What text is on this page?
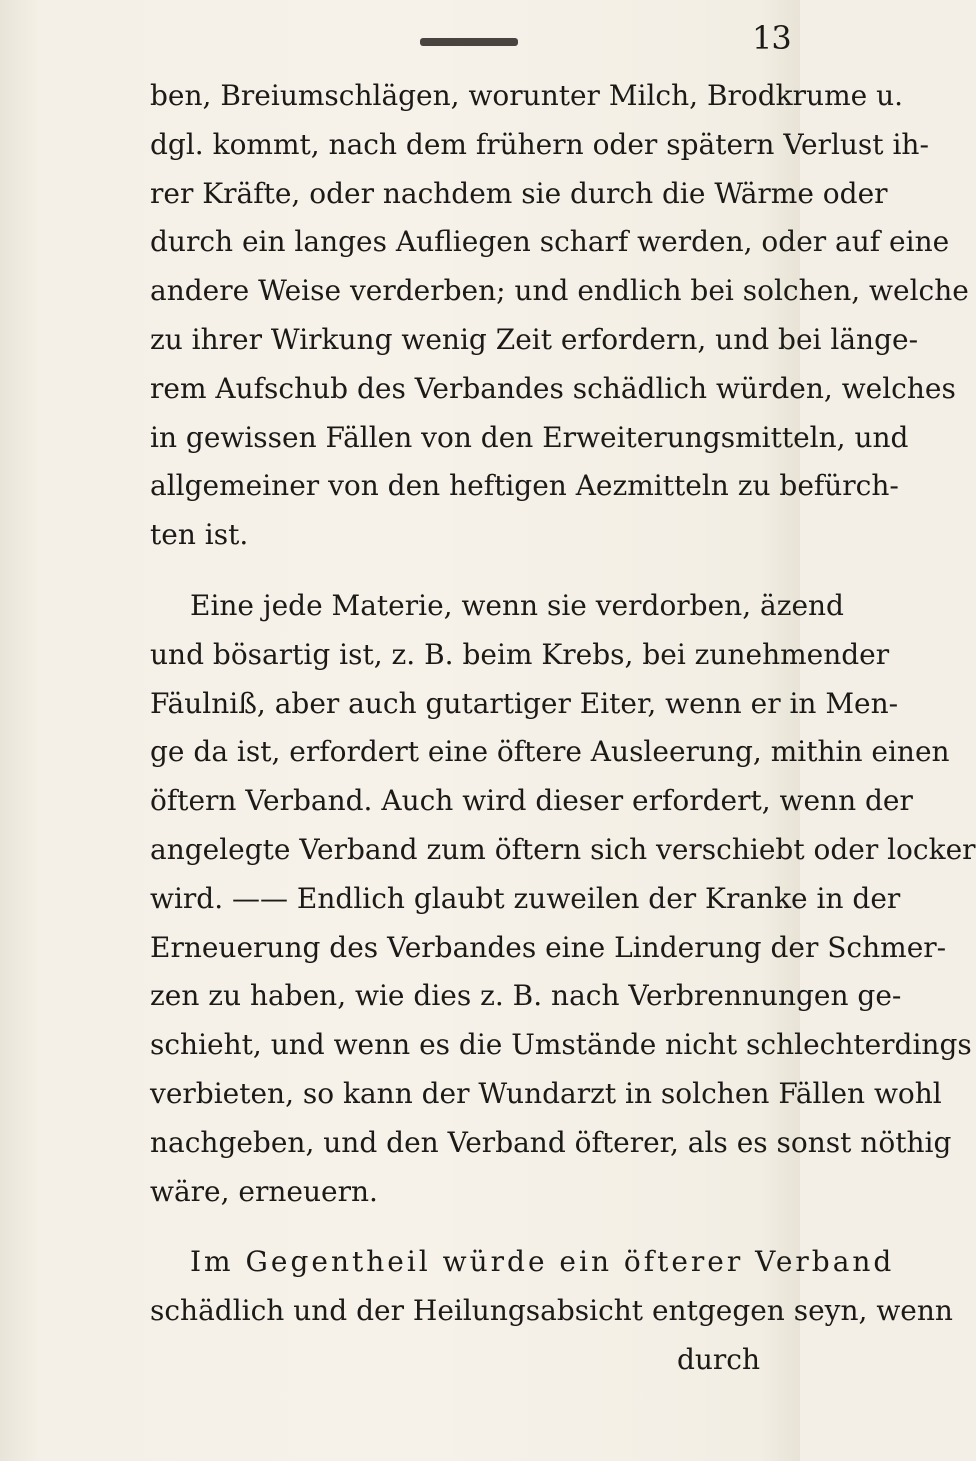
13
ben, Breiumschlägen, worunter Milch, Brodkrume u.
dgl. kommt, nach dem frühern oder spätern Verlust ih-
rer Kräfte, oder nachdem sie durch die Wärme oder
durch ein langes Aufliegen scharf werden, oder auf eine
andere Weise verderben; und endlich bei solchen, welche
zu ihrer Wirkung wenig Zeit erfordern, und bei länge-
rem Aufschub des Verbandes schädlich würden, welches
in gewissen Fällen von den Erweiterungsmitteln, und
allgemeiner von den heftigen Aezmitteln zu befürch-
ten ist.
Eine jede Materie, wenn sie verdorben, äzend
und bösartig ist, z. B. beim Krebs, bei zunehmender
Fäulniß, aber auch gutartiger Eiter, wenn er in Men-
ge da ist, erfordert eine öftere Ausleerung, mithin einen
öftern Verband. Auch wird dieser erfordert, wenn der
angelegte Verband zum öftern sich verschiebt oder locker
wird. —— Endlich glaubt zuweilen der Kranke in der
Erneuerung des Verbandes eine Linderung der Schmer-
zen zu haben, wie dies z. B. nach Verbrennungen ge-
schieht, und wenn es die Umstände nicht schlechterdings
verbieten, so kann der Wundarzt in solchen Fällen wohl
nachgeben, und den Verband öfterer, als es sonst nöthig
wäre, erneuern.
Im Gegentheil würde ein öfterer Verband
schädlich und der Heilungsabsicht entgegen seyn, wenn
durch
